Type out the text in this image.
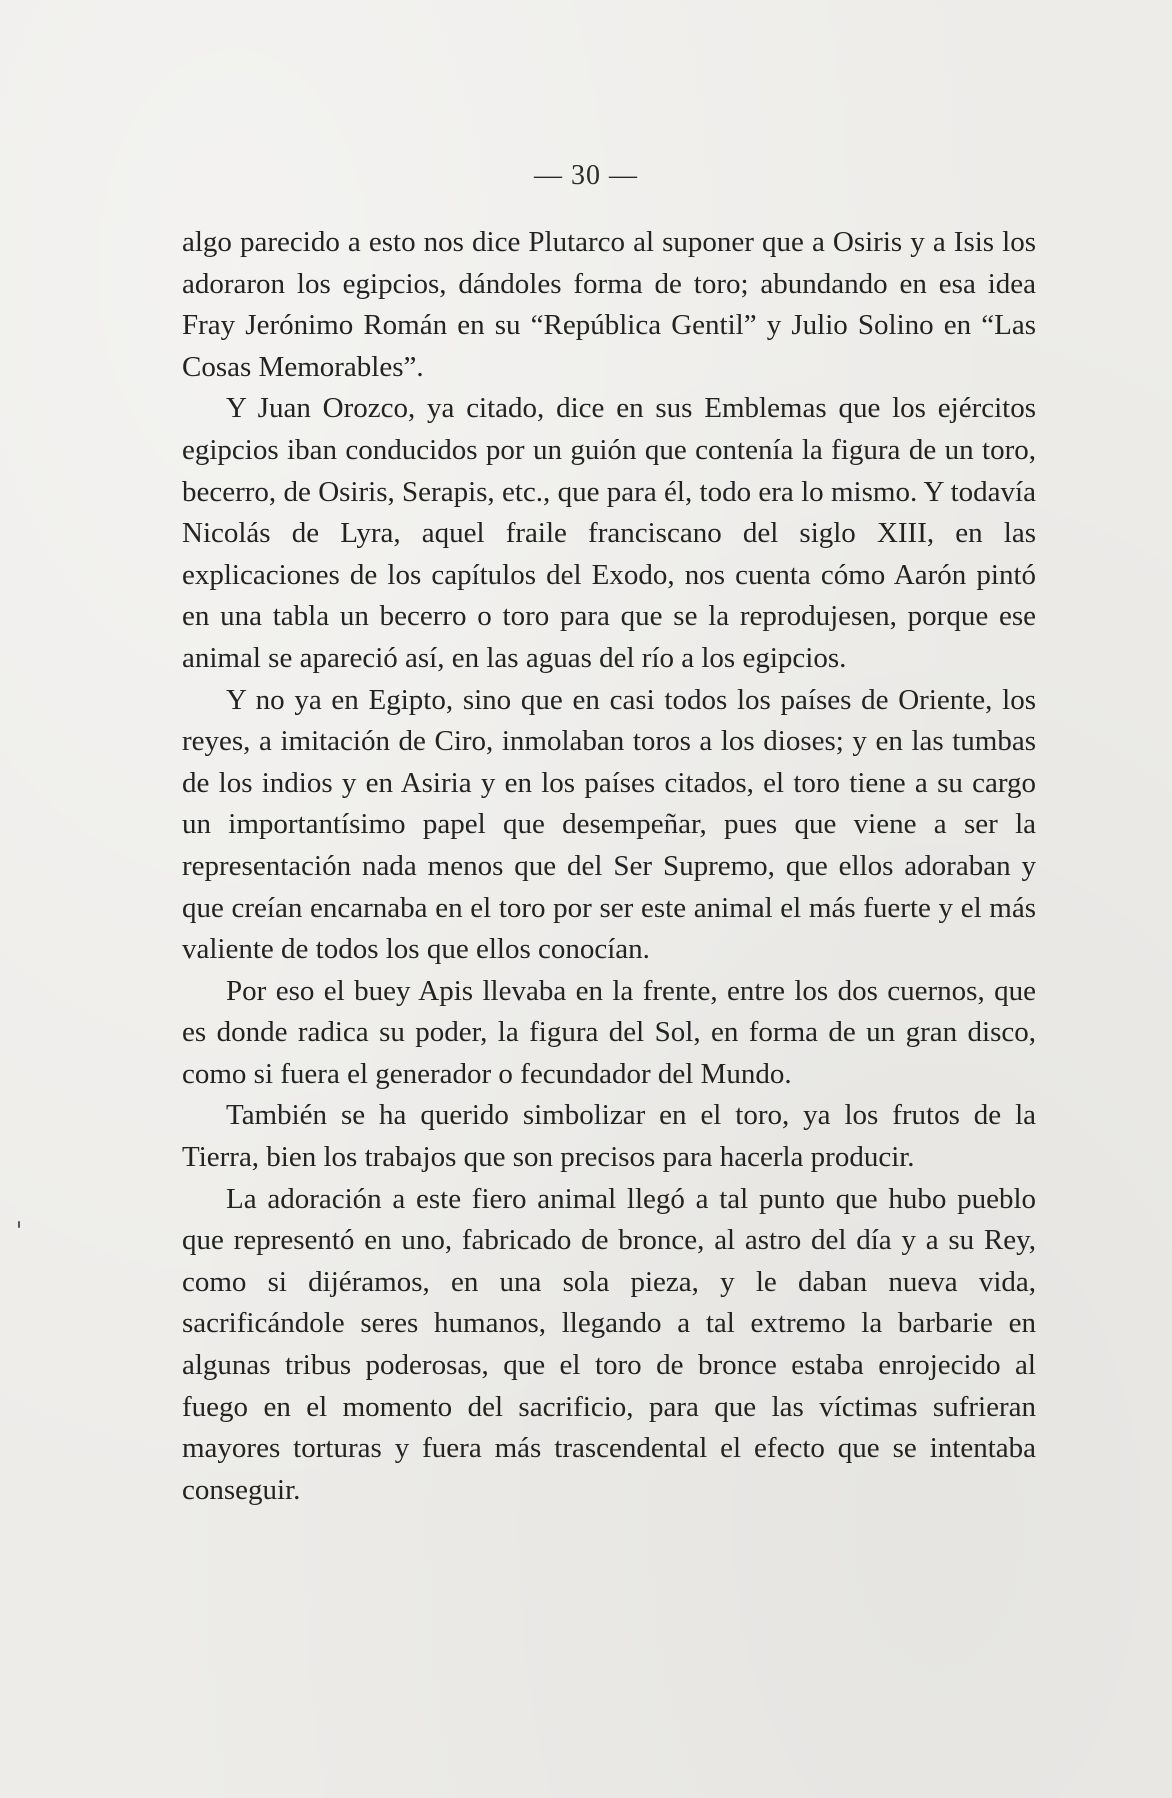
— 30 —

algo parecido a esto nos dice Plutarco al suponer que a Osiris y a Isis los adoraron los egipcios, dándoles forma de toro; abundando en esa idea Fray Jerónimo Román en su “República Gentil” y Julio Solino en “Las Cosas Memorables”.

Y Juan Orozco, ya citado, dice en sus Emblemas que los ejércitos egipcios iban conducidos por un guión que contenía la figura de un toro, becerro, de Osiris, Serapis, etc., que para él, todo era lo mismo. Y todavía Nicolás de Lyra, aquel fraile franciscano del siglo XIII, en las explicaciones de los capítulos del Exodo, nos cuenta cómo Aarón pintó en una tabla un becerro o toro para que se la reprodujesen, porque ese animal se apareció así, en las aguas del río a los egipcios.

Y no ya en Egipto, sino que en casi todos los países de Oriente, los reyes, a imitación de Ciro, inmolaban toros a los dioses; y en las tumbas de los indios y en Asiria y en los países citados, el toro tiene a su cargo un importantísimo papel que desempeñar, pues que viene a ser la representación nada menos que del Ser Supremo, que ellos adoraban y que creían encarnaba en el toro por ser este animal el más fuerte y el más valiente de todos los que ellos conocían.

Por eso el buey Apis llevaba en la frente, entre los dos cuernos, que es donde radica su poder, la figura del Sol, en forma de un gran disco, como si fuera el generador o fecundador del Mundo.

También se ha querido simbolizar en el toro, ya los frutos de la Tierra, bien los trabajos que son precisos para hacerla producir.

La adoración a este fiero animal llegó a tal punto que hubo pueblo que representó en uno, fabricado de bronce, al astro del día y a su Rey, como si dijéramos, en una sola pieza, y le daban nueva vida, sacrificándole seres humanos, llegando a tal extremo la barbarie en algunas tribus poderosas, que el toro de bronce estaba enrojecido al fuego en el momento del sacrificio, para que las víctimas sufrieran mayores torturas y fuera más trascendental el efecto que se intentaba conseguir.
